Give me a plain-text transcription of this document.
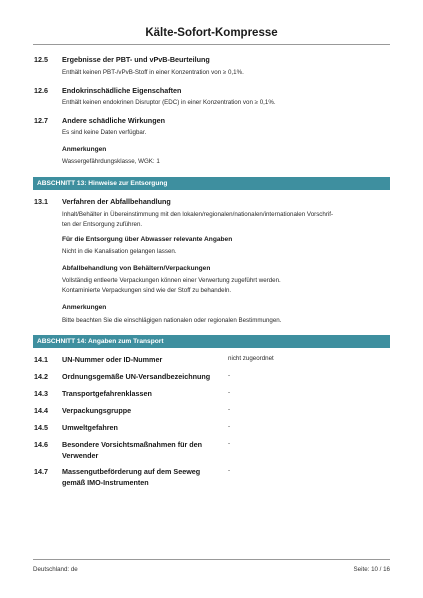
Kälte-Sofort-Kompresse
12.5 Ergebnisse der PBT- und vPvB-Beurteilung
Enthält keinen PBT-/vPvB-Stoff in einer Konzentration von ≥ 0,1%.
12.6 Endokrinschädliche Eigenschaften
Enthält keinen endokrinen Disruptor (EDC) in einer Konzentration von ≥ 0,1%.
12.7 Andere schädliche Wirkungen
Es sind keine Daten verfügbar.
Anmerkungen
Wassergefährdungsklasse, WGK: 1
ABSCHNITT 13: Hinweise zur Entsorgung
13.1 Verfahren der Abfallbehandlung
Inhalt/Behälter in Übereinstimmung mit den lokalen/regionalen/nationalen/internationalen Vorschrif-
ten der Entsorgung zuführen.
Für die Entsorgung über Abwasser relevante Angaben
Nicht in die Kanalisation gelangen lassen.
Abfallbehandlung von Behältern/Verpackungen
Vollständig entleerte Verpackungen können einer Verwertung zugeführt werden.
Kontaminierte Verpackungen sind wie der Stoff zu behandeln.
Anmerkungen
Bitte beachten Sie die einschlägigen nationalen oder regionalen Bestimmungen.
ABSCHNITT 14: Angaben zum Transport
14.1 UN-Nummer oder ID-Nummer	nicht zugeordnet
14.2 Ordnungsgemäße UN-Versandbezeichnung	-
14.3 Transportgefahrenklassen	-
14.4 Verpackungsgruppe	-
14.5 Umweltgefahren	-
14.6 Besondere Vorsichtsmaßnahmen für den
Verwender
-
14.7 Massengutbeförderung auf dem Seeweg
gemäß IMO-Instrumenten
-
Deutschland: de	Seite: 10 / 16
